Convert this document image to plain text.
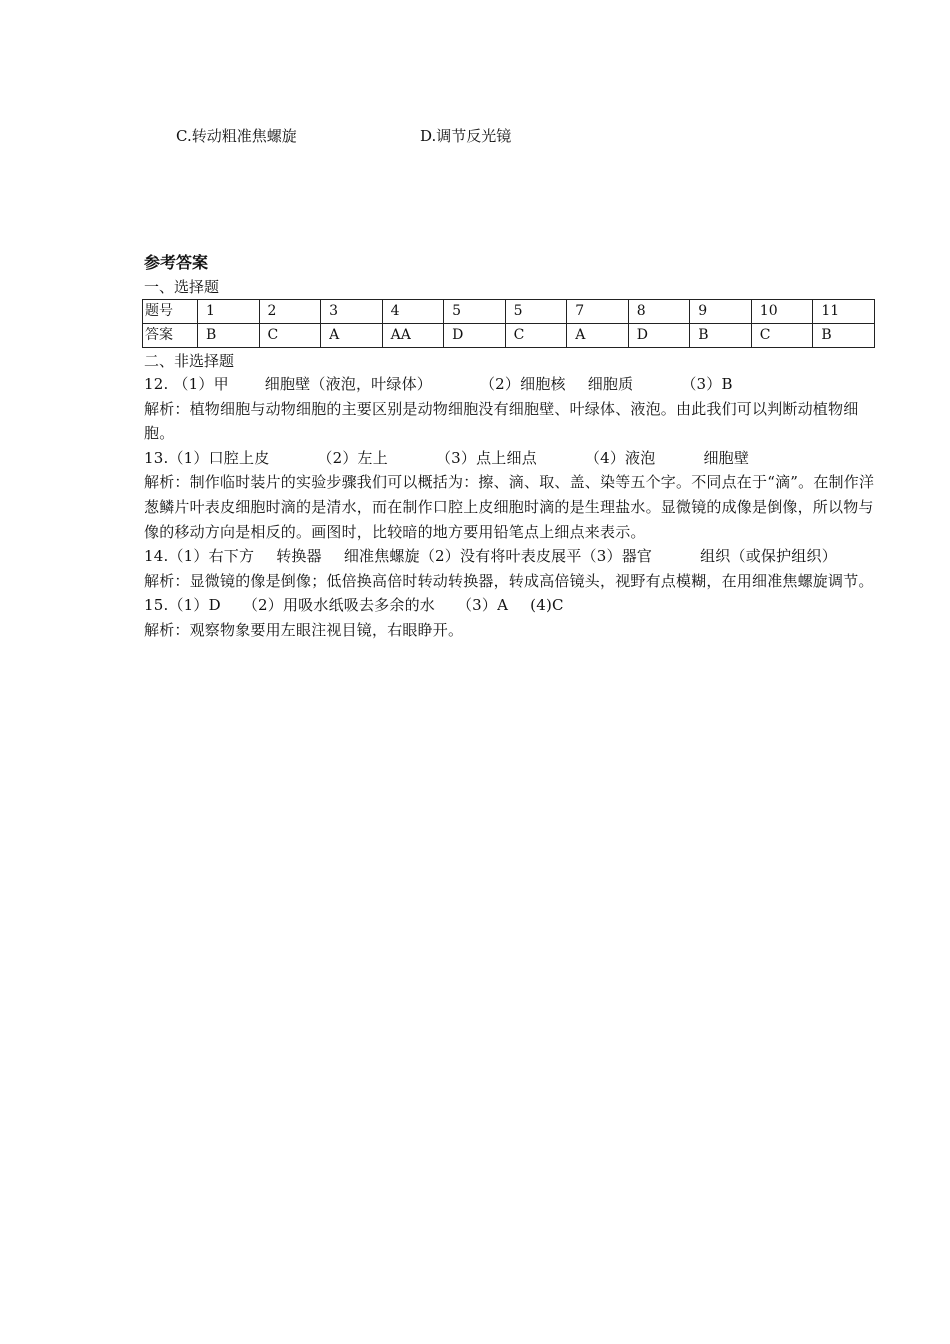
C.转动粗准焦螺旋	D.调节反光镜

参考答案

一、选择题

题号	1	2	3	4	5	5	7	8	9	10	11
答案	B	C	A	AA	D	C	A	D	B	C	B

二、非选择题

12. （1）甲 细胞壁（液泡，叶绿体）	（2）细胞核 细胞质	（3）B

解析：植物细胞与动物细胞的主要区别是动物细胞没有细胞壁、叶绿体、液泡。由此我们可以判断动植物细胞。

13.（1）口腔上皮	（2）左上	（3）点上细点	（4）液泡	细胞壁

解析：制作临时装片的实验步骤我们可以概括为：擦、滴、取、盖、染等五个字。不同点在于“滴”。在制作洋葱鳞片叶表皮细胞时滴的是清水，而在制作口腔上皮细胞时滴的是生理盐水。显微镜的成像是倒像，所以物与像的移动方向是相反的。画图时，比较暗的地方要用铅笔点上细点来表示。

14.（1）右下方 转换器 细准焦螺旋（2）没有将叶表皮展平（3）器官	组织（或保护组织）

解析：显微镜的像是倒像；低倍换高倍时转动转换器，转成高倍镜头，视野有点模糊，在用细准焦螺旋调节。

15.（1）D （2）用吸水纸吸去多余的水 （3）A (4)C

解析：观察物象要用左眼注视目镜，右眼睁开。
